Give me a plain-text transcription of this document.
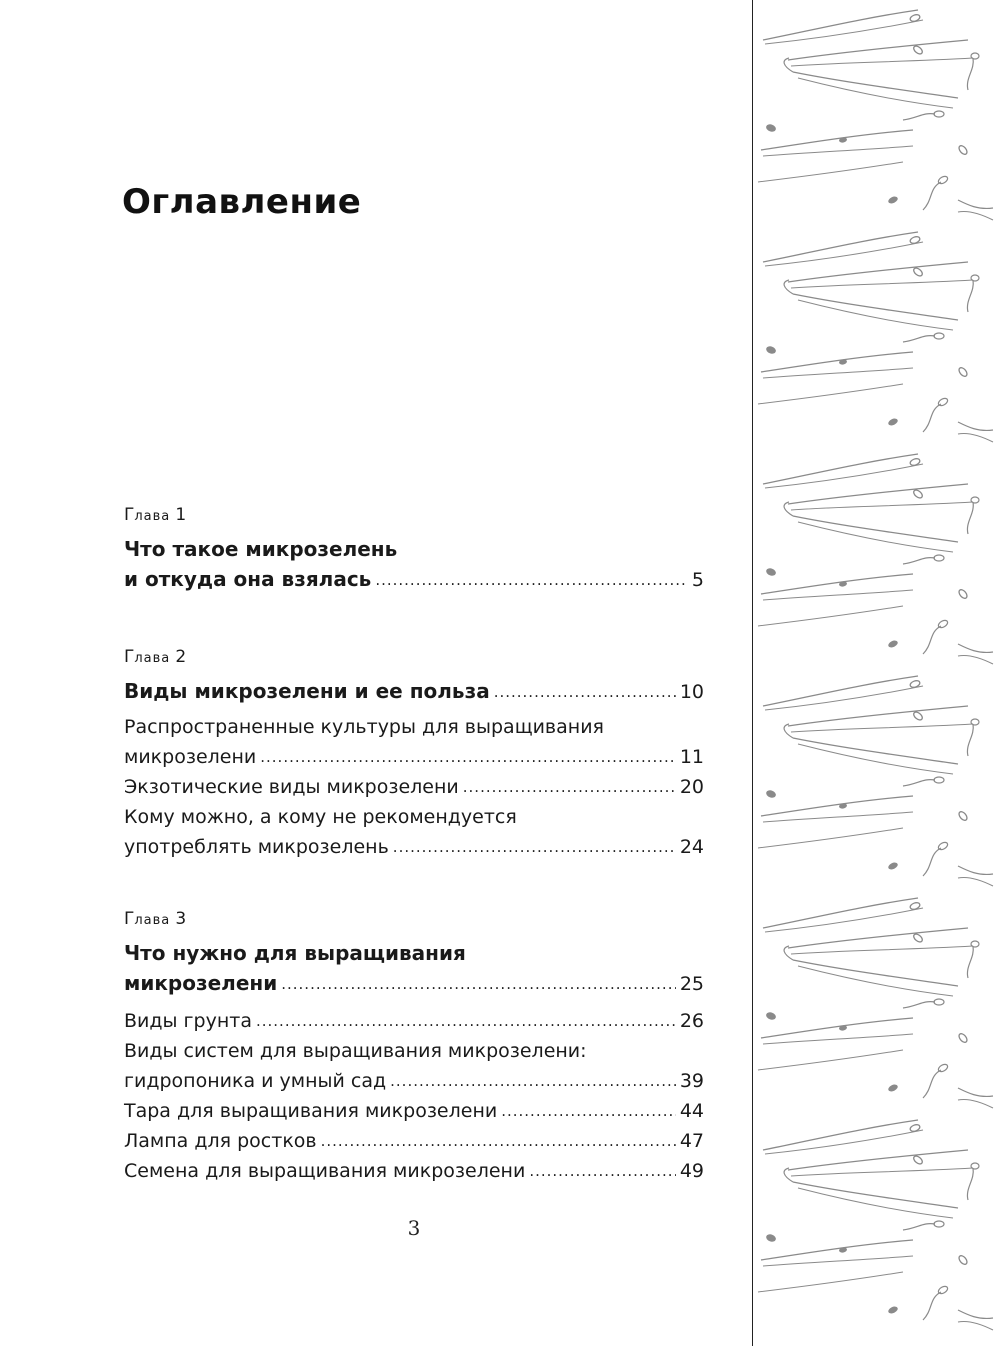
Оглавление
Глава 1
Что такое микрозелень
и откуда она взялась .....	5
Глава 2
Виды микрозелени и ее польза .....	10
Распространенные культуры для выращивания
микрозелени .....	11
Экзотические виды микрозелени .....	20
Кому можно, а кому не рекомендуется
употреблять микрозелень .....	24
Глава 3
Что нужно для выращивания
микрозелени .....	25
Виды грунта .....	26
Виды систем для выращивания микрозелени:
гидропоника и умный сад .....	39
Тара для выращивания микрозелени .....	44
Лампа для ростков .....	47
Семена для выращивания микрозелени .....	49
3
